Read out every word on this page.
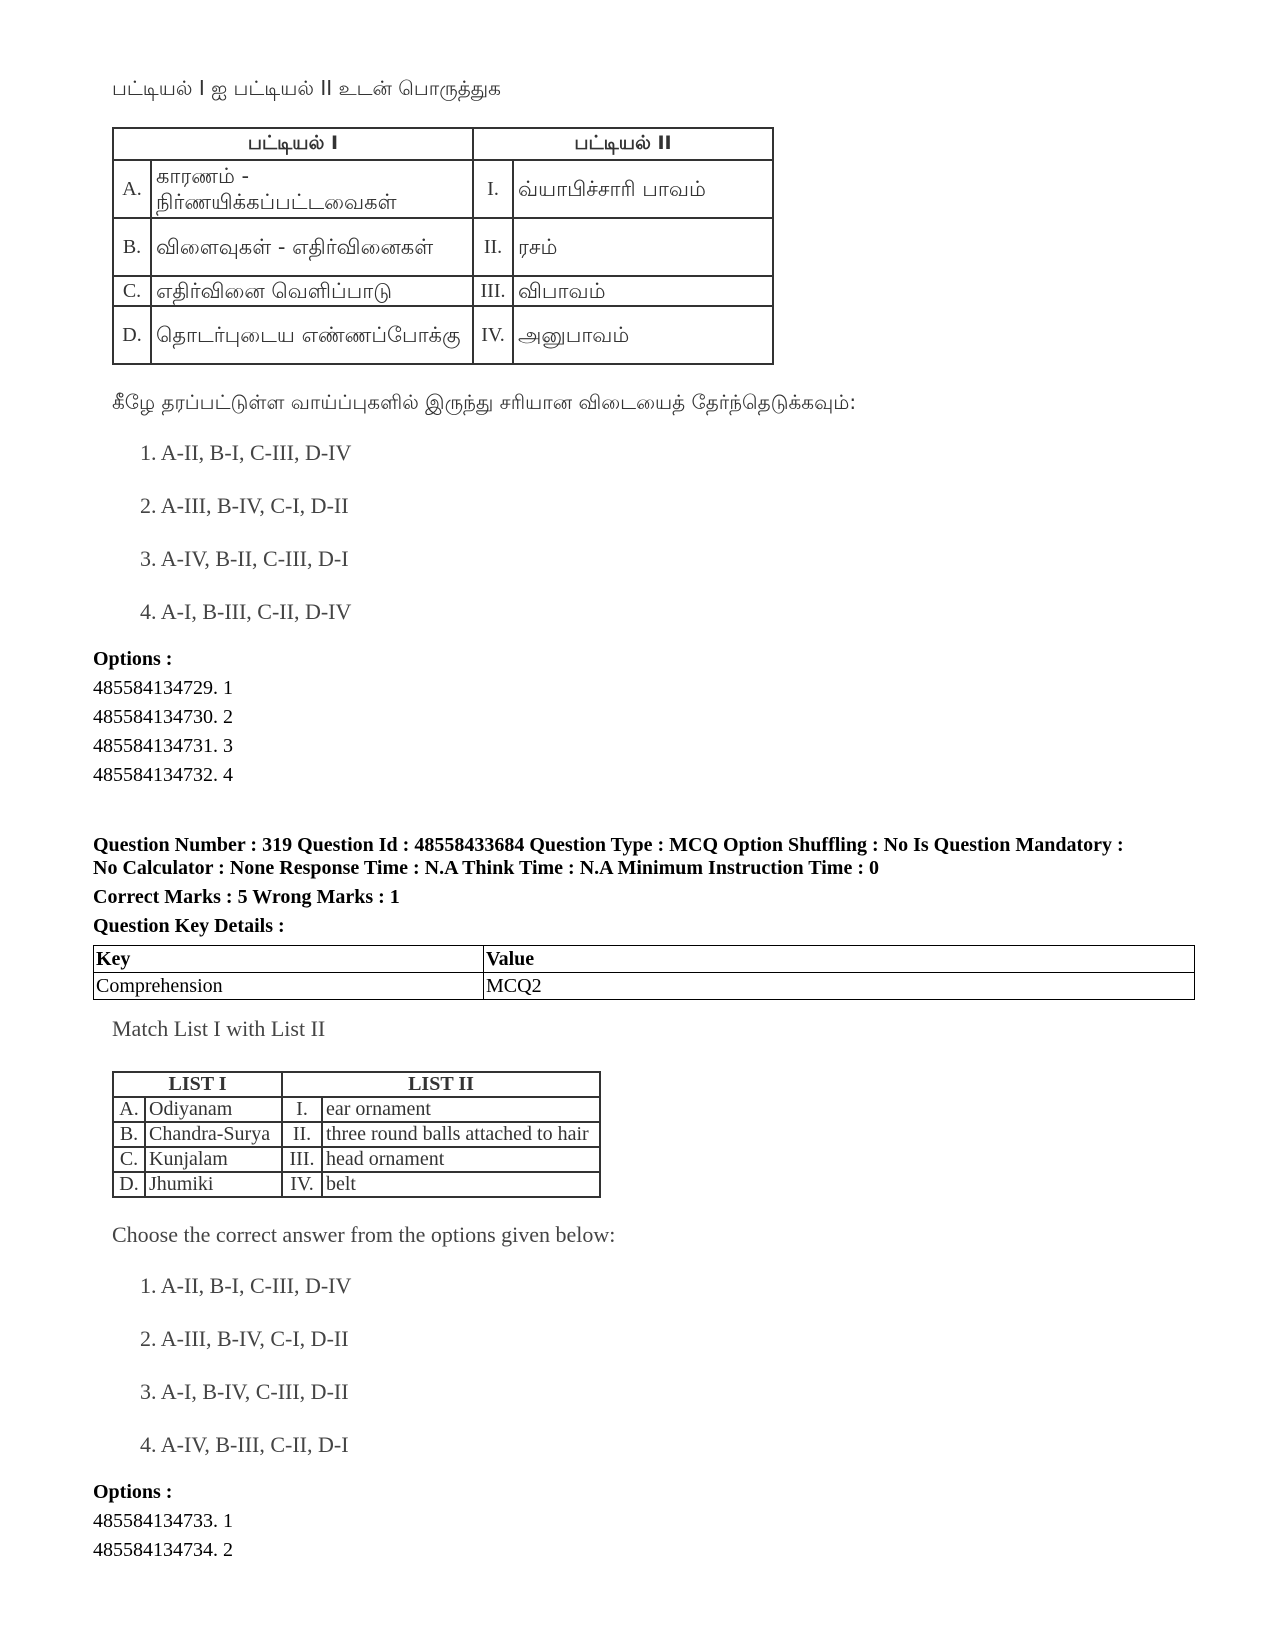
பட்டியல் I ஐ பட்டியல் II உடன் பொருத்துக
பட்டியல் I		பட்டியல் II	
A.	காரணம் - நிர்ணயிக்கப்பட்டவைகள்	I.	வ்யாபிச்சாரி பாவம்
B.	விளைவுகள் - எதிர்வினைகள்	II.	ரசம்
C.	எதிர்வினை வெளிப்பாடு	III.	விபாவம்
D.	தொடர்புடைய எண்ணப்போக்கு	IV.	அனுபாவம்
கீழே தரப்பட்டுள்ள வாய்ப்புகளில் இருந்து சரியான விடையைத் தேர்ந்தெடுக்கவும்:
1. A-II, B-I, C-III, D-IV
2. A-III, B-IV, C-I, D-II
3. A-IV, B-II, C-III, D-I
4. A-I, B-III, C-II, D-IV
Options :
485584134729. 1
485584134730. 2
485584134731. 3
485584134732. 4
Question Number : 319 Question Id : 48558433684 Question Type : MCQ Option Shuffling : No Is Question Mandatory :
No Calculator : None Response Time : N.A Think Time : N.A Minimum Instruction Time : 0
Correct Marks : 5 Wrong Marks : 1
Question Key Details :
Key	Value
Comprehension	MCQ2
Match List I with List II
LIST I		LIST II	
A.	Odiyanam	I.	ear ornament
B.	Chandra-Surya	II.	three round balls attached to hair
C.	Kunjalam	III.	head ornament
D.	Jhumiki	IV.	belt
Choose the correct answer from the options given below:
1. A-II, B-I, C-III, D-IV
2. A-III, B-IV, C-I, D-II
3. A-I, B-IV, C-III, D-II
4. A-IV, B-III, C-II, D-I
Options :
485584134733. 1
485584134734. 2
